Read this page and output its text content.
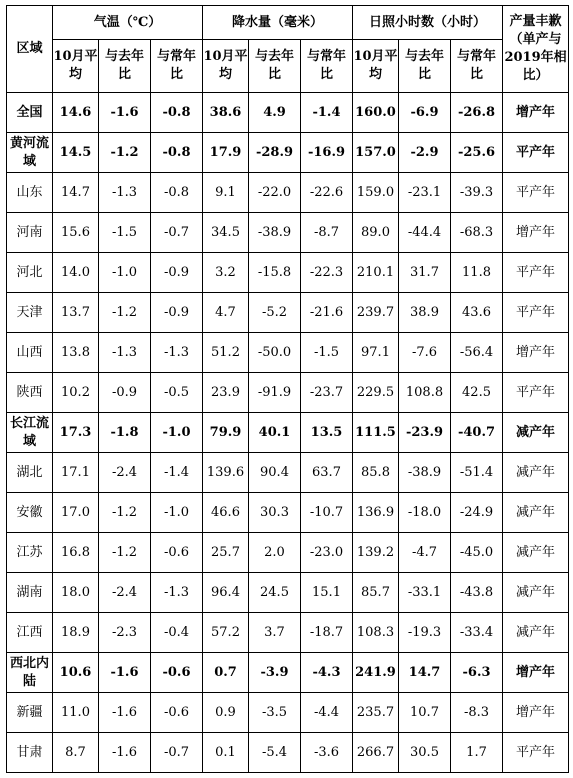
区域	气温（℃）			降水量（毫米）			日照小时数（小时）			产量丰歉（单产与2019年相比）
	10月平均	与去年比	与常年比	10月平均	与去年比	与常年比	10月平均	与去年比	与常年比	
全国	14.6	-1.6	-0.8	38.6	4.9	-1.4	160.0	-6.9	-26.8	增产年
黄河流域	14.5	-1.2	-0.8	17.9	-28.9	-16.9	157.0	-2.9	-25.6	平产年
山东	14.7	-1.3	-0.8	9.1	-22.0	-22.6	159.0	-23.1	-39.3	平产年
河南	15.6	-1.5	-0.7	34.5	-38.9	-8.7	89.0	-44.4	-68.3	增产年
河北	14.0	-1.0	-0.9	3.2	-15.8	-22.3	210.1	31.7	11.8	平产年
天津	13.7	-1.2	-0.9	4.7	-5.2	-21.6	239.7	38.9	43.6	平产年
山西	13.8	-1.3	-1.3	51.2	-50.0	-1.5	97.1	-7.6	-56.4	增产年
陕西	10.2	-0.9	-0.5	23.9	-91.9	-23.7	229.5	108.8	42.5	平产年
长江流域	17.3	-1.8	-1.0	79.9	40.1	13.5	111.5	-23.9	-40.7	减产年
湖北	17.1	-2.4	-1.4	139.6	90.4	63.7	85.8	-38.9	-51.4	减产年
安徽	17.0	-1.2	-1.0	46.6	30.3	-10.7	136.9	-18.0	-24.9	减产年
江苏	16.8	-1.2	-0.6	25.7	2.0	-23.0	139.2	-4.7	-45.0	减产年
湖南	18.0	-2.4	-1.3	96.4	24.5	15.1	85.7	-33.1	-43.8	减产年
江西	18.9	-2.3	-0.4	57.2	3.7	-18.7	108.3	-19.3	-33.4	减产年
西北内陆	10.6	-1.6	-0.6	0.7	-3.9	-4.3	241.9	14.7	-6.3	增产年
新疆	11.0	-1.6	-0.6	0.9	-3.5	-4.4	235.7	10.7	-8.3	增产年
甘肃	8.7	-1.6	-0.7	0.1	-5.4	-3.6	266.7	30.5	1.7	平产年
